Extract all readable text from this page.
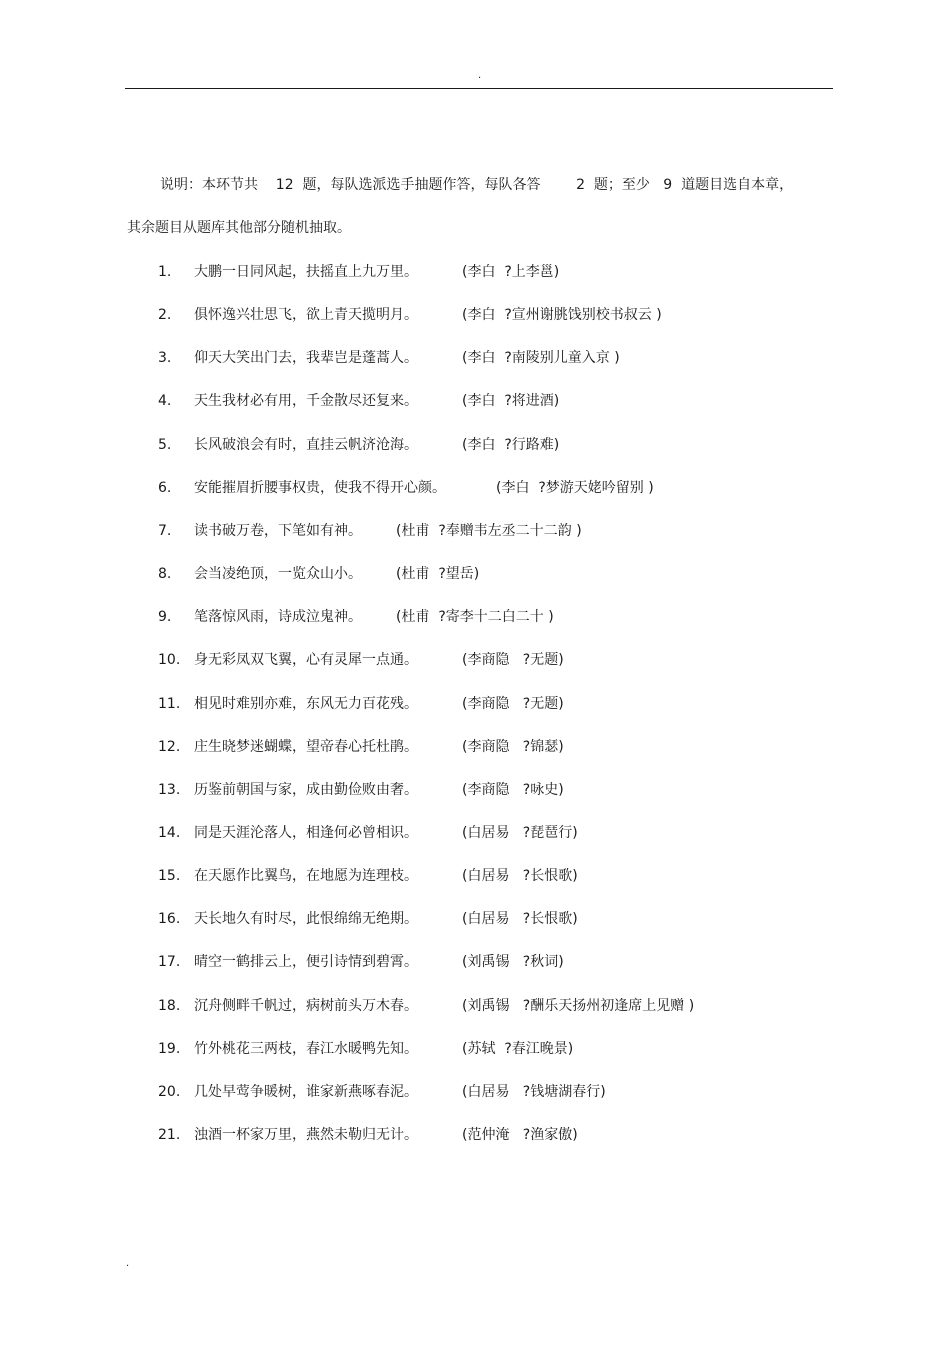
.
说明：本环节共    12  题，每队选派选手抽题作答，每队各答        2  题；至少   9  道题目选自本章，
其余题目从题库其他部分随机抽取。
1. 大鹏一日同风起，扶摇直上九万里。	(李白  ?上李邕)
2. 俱怀逸兴壮思飞，欲上青天揽明月。	(李白  ?宣州谢朓饯别校书叔云 )
3. 仰天大笑出门去，我辈岂是蓬蒿人。	(李白  ?南陵别儿童入京 )
4. 天生我材必有用，千金散尽还复来。	(李白  ?将进酒)
5. 长风破浪会有时，直挂云帆济沧海。	(李白  ?行路难)
6. 安能摧眉折腰事权贵，使我不得开心颜。	(李白  ?梦游天姥吟留别 )
7. 读书破万卷，下笔如有神。 (杜甫  ?奉赠韦左丞二十二韵 )
8. 会当凌绝顶，一览众山小。 (杜甫  ?望岳)
9. 笔落惊风雨，诗成泣鬼神。 (杜甫  ?寄李十二白二十 )
10. 身无彩凤双飞翼，心有灵犀一点通。	(李商隐   ?无题)
11. 相见时难别亦难，东风无力百花残。	(李商隐   ?无题)
12. 庄生晓梦迷蝴蝶，望帝春心托杜鹃。	(李商隐   ?锦瑟)
13. 历鉴前朝国与家，成由勤俭败由奢。	(李商隐   ?咏史)
14. 同是天涯沦落人，相逢何必曾相识。	(白居易   ?琵琶行)
15. 在天愿作比翼鸟，在地愿为连理枝。	(白居易   ?长恨歌)
16. 天长地久有时尽，此恨绵绵无绝期。	(白居易   ?长恨歌)
17. 晴空一鹤排云上，便引诗情到碧霄。	(刘禹锡   ?秋词)
18. 沉舟侧畔千帆过，病树前头万木春。	(刘禹锡   ?酬乐天扬州初逢席上见赠 )
19. 竹外桃花三两枝，春江水暖鸭先知。	(苏轼  ?春江晚景)
20. 几处早莺争暖树，谁家新燕啄春泥。	(白居易   ?钱塘湖春行)
21. 浊酒一杯家万里，燕然未勒归无计。	(范仲淹   ?渔家傲)
.
